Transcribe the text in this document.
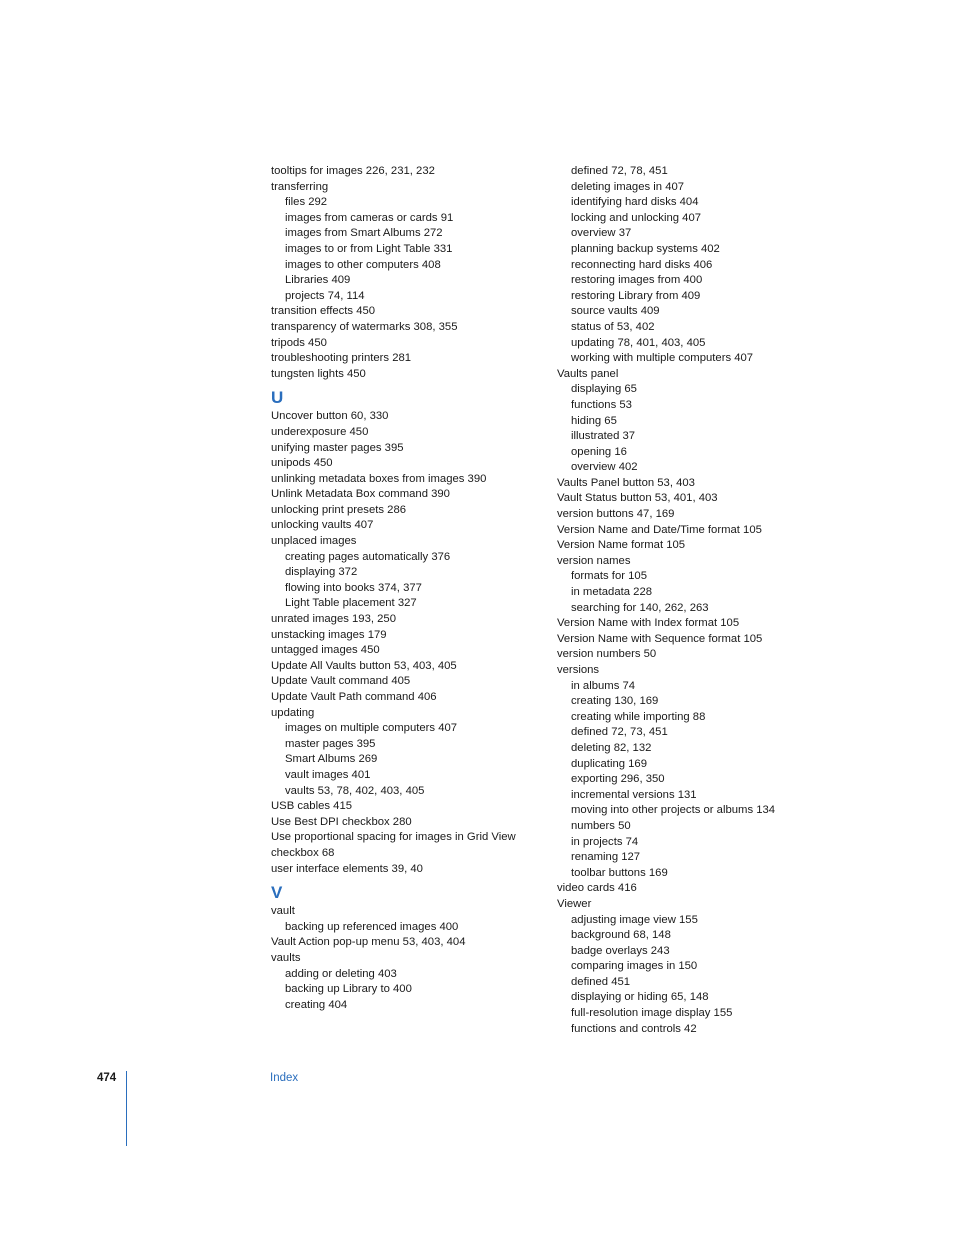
tooltips for images 226, 231, 232
transferring
files 292
images from cameras or cards 91
images from Smart Albums 272
images to or from Light Table 331
images to other computers 408
Libraries 409
projects 74, 114
transition effects 450
transparency of watermarks 308, 355
tripods 450
troubleshooting printers 281
tungsten lights 450
U
Uncover button 60, 330
underexposure 450
unifying master pages 395
unipods 450
unlinking metadata boxes from images 390
Unlink Metadata Box command 390
unlocking print presets 286
unlocking vaults 407
unplaced images
creating pages automatically 376
displaying 372
flowing into books 374, 377
Light Table placement 327
unrated images 193, 250
unstacking images 179
untagged images 450
Update All Vaults button 53, 403, 405
Update Vault command 405
Update Vault Path command 406
updating
images on multiple computers 407
master pages 395
Smart Albums 269
vault images 401
vaults 53, 78, 402, 403, 405
USB cables 415
Use Best DPI checkbox 280
Use proportional spacing for images in Grid View
checkbox 68
user interface elements 39, 40
V
vault
backing up referenced images 400
Vault Action pop-up menu 53, 403, 404
vaults
adding or deleting 403
backing up Library to 400
creating 404
defined 72, 78, 451
deleting images in 407
identifying hard disks 404
locking and unlocking 407
overview 37
planning backup systems 402
reconnecting hard disks 406
restoring images from 400
restoring Library from 409
source vaults 409
status of 53, 402
updating 78, 401, 403, 405
working with multiple computers 407
Vaults panel
displaying 65
functions 53
hiding 65
illustrated 37
opening 16
overview 402
Vaults Panel button 53, 403
Vault Status button 53, 401, 403
version buttons 47, 169
Version Name and Date/Time format 105
Version Name format 105
version names
formats for 105
in metadata 228
searching for 140, 262, 263
Version Name with Index format 105
Version Name with Sequence format 105
version numbers 50
versions
in albums 74
creating 130, 169
creating while importing 88
defined 72, 73, 451
deleting 82, 132
duplicating 169
exporting 296, 350
incremental versions 131
moving into other projects or albums 134
numbers 50
in projects 74
renaming 127
toolbar buttons 169
video cards 416
Viewer
adjusting image view 155
background 68, 148
badge overlays 243
comparing images in 150
defined 451
displaying or hiding 65, 148
full-resolution image display 155
functions and controls 42
474	Index
